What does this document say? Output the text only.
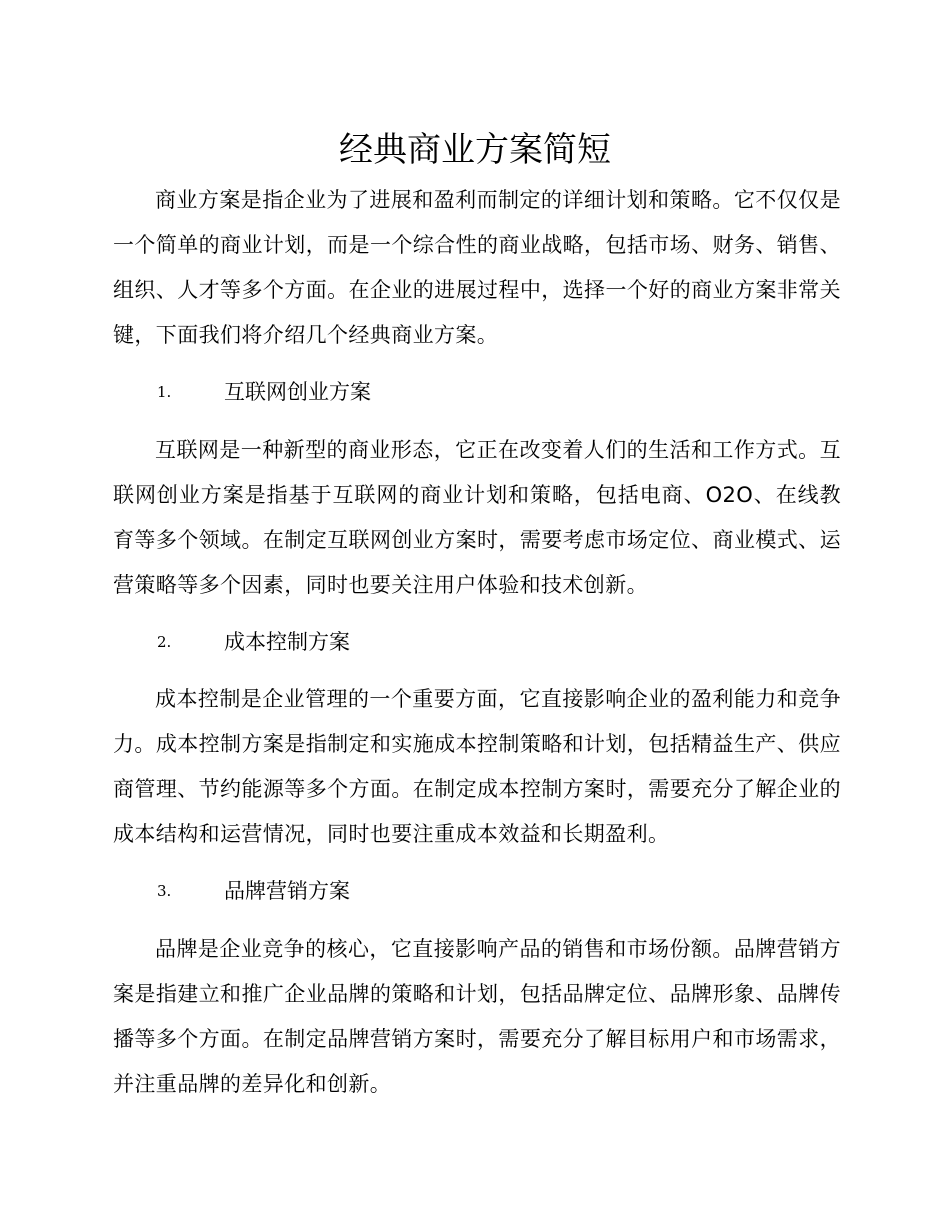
经典商业方案简短

商业方案是指企业为了进展和盈利而制定的详细计划和策略。它不仅仅是一个简单的商业计划，而是一个综合性的商业战略，包括市场、财务、销售、组织、人才等多个方面。在企业的进展过程中，选择一个好的商业方案非常关键，下面我们将介绍几个经典商业方案。

1.	互联网创业方案

互联网是一种新型的商业形态，它正在改变着人们的生活和工作方式。互联网创业方案是指基于互联网的商业计划和策略，包括电商、O2O、在线教育等多个领域。在制定互联网创业方案时，需要考虑市场定位、商业模式、运营策略等多个因素，同时也要关注用户体验和技术创新。

2.	成本控制方案

成本控制是企业管理的一个重要方面，它直接影响企业的盈利能力和竞争力。成本控制方案是指制定和实施成本控制策略和计划，包括精益生产、供应商管理、节约能源等多个方面。在制定成本控制方案时，需要充分了解企业的成本结构和运营情况，同时也要注重成本效益和长期盈利。

3.	品牌营销方案

品牌是企业竞争的核心，它直接影响产品的销售和市场份额。品牌营销方案是指建立和推广企业品牌的策略和计划，包括品牌定位、品牌形象、品牌传播等多个方面。在制定品牌营销方案时，需要充分了解目标用户和市场需求，并注重品牌的差异化和创新。
